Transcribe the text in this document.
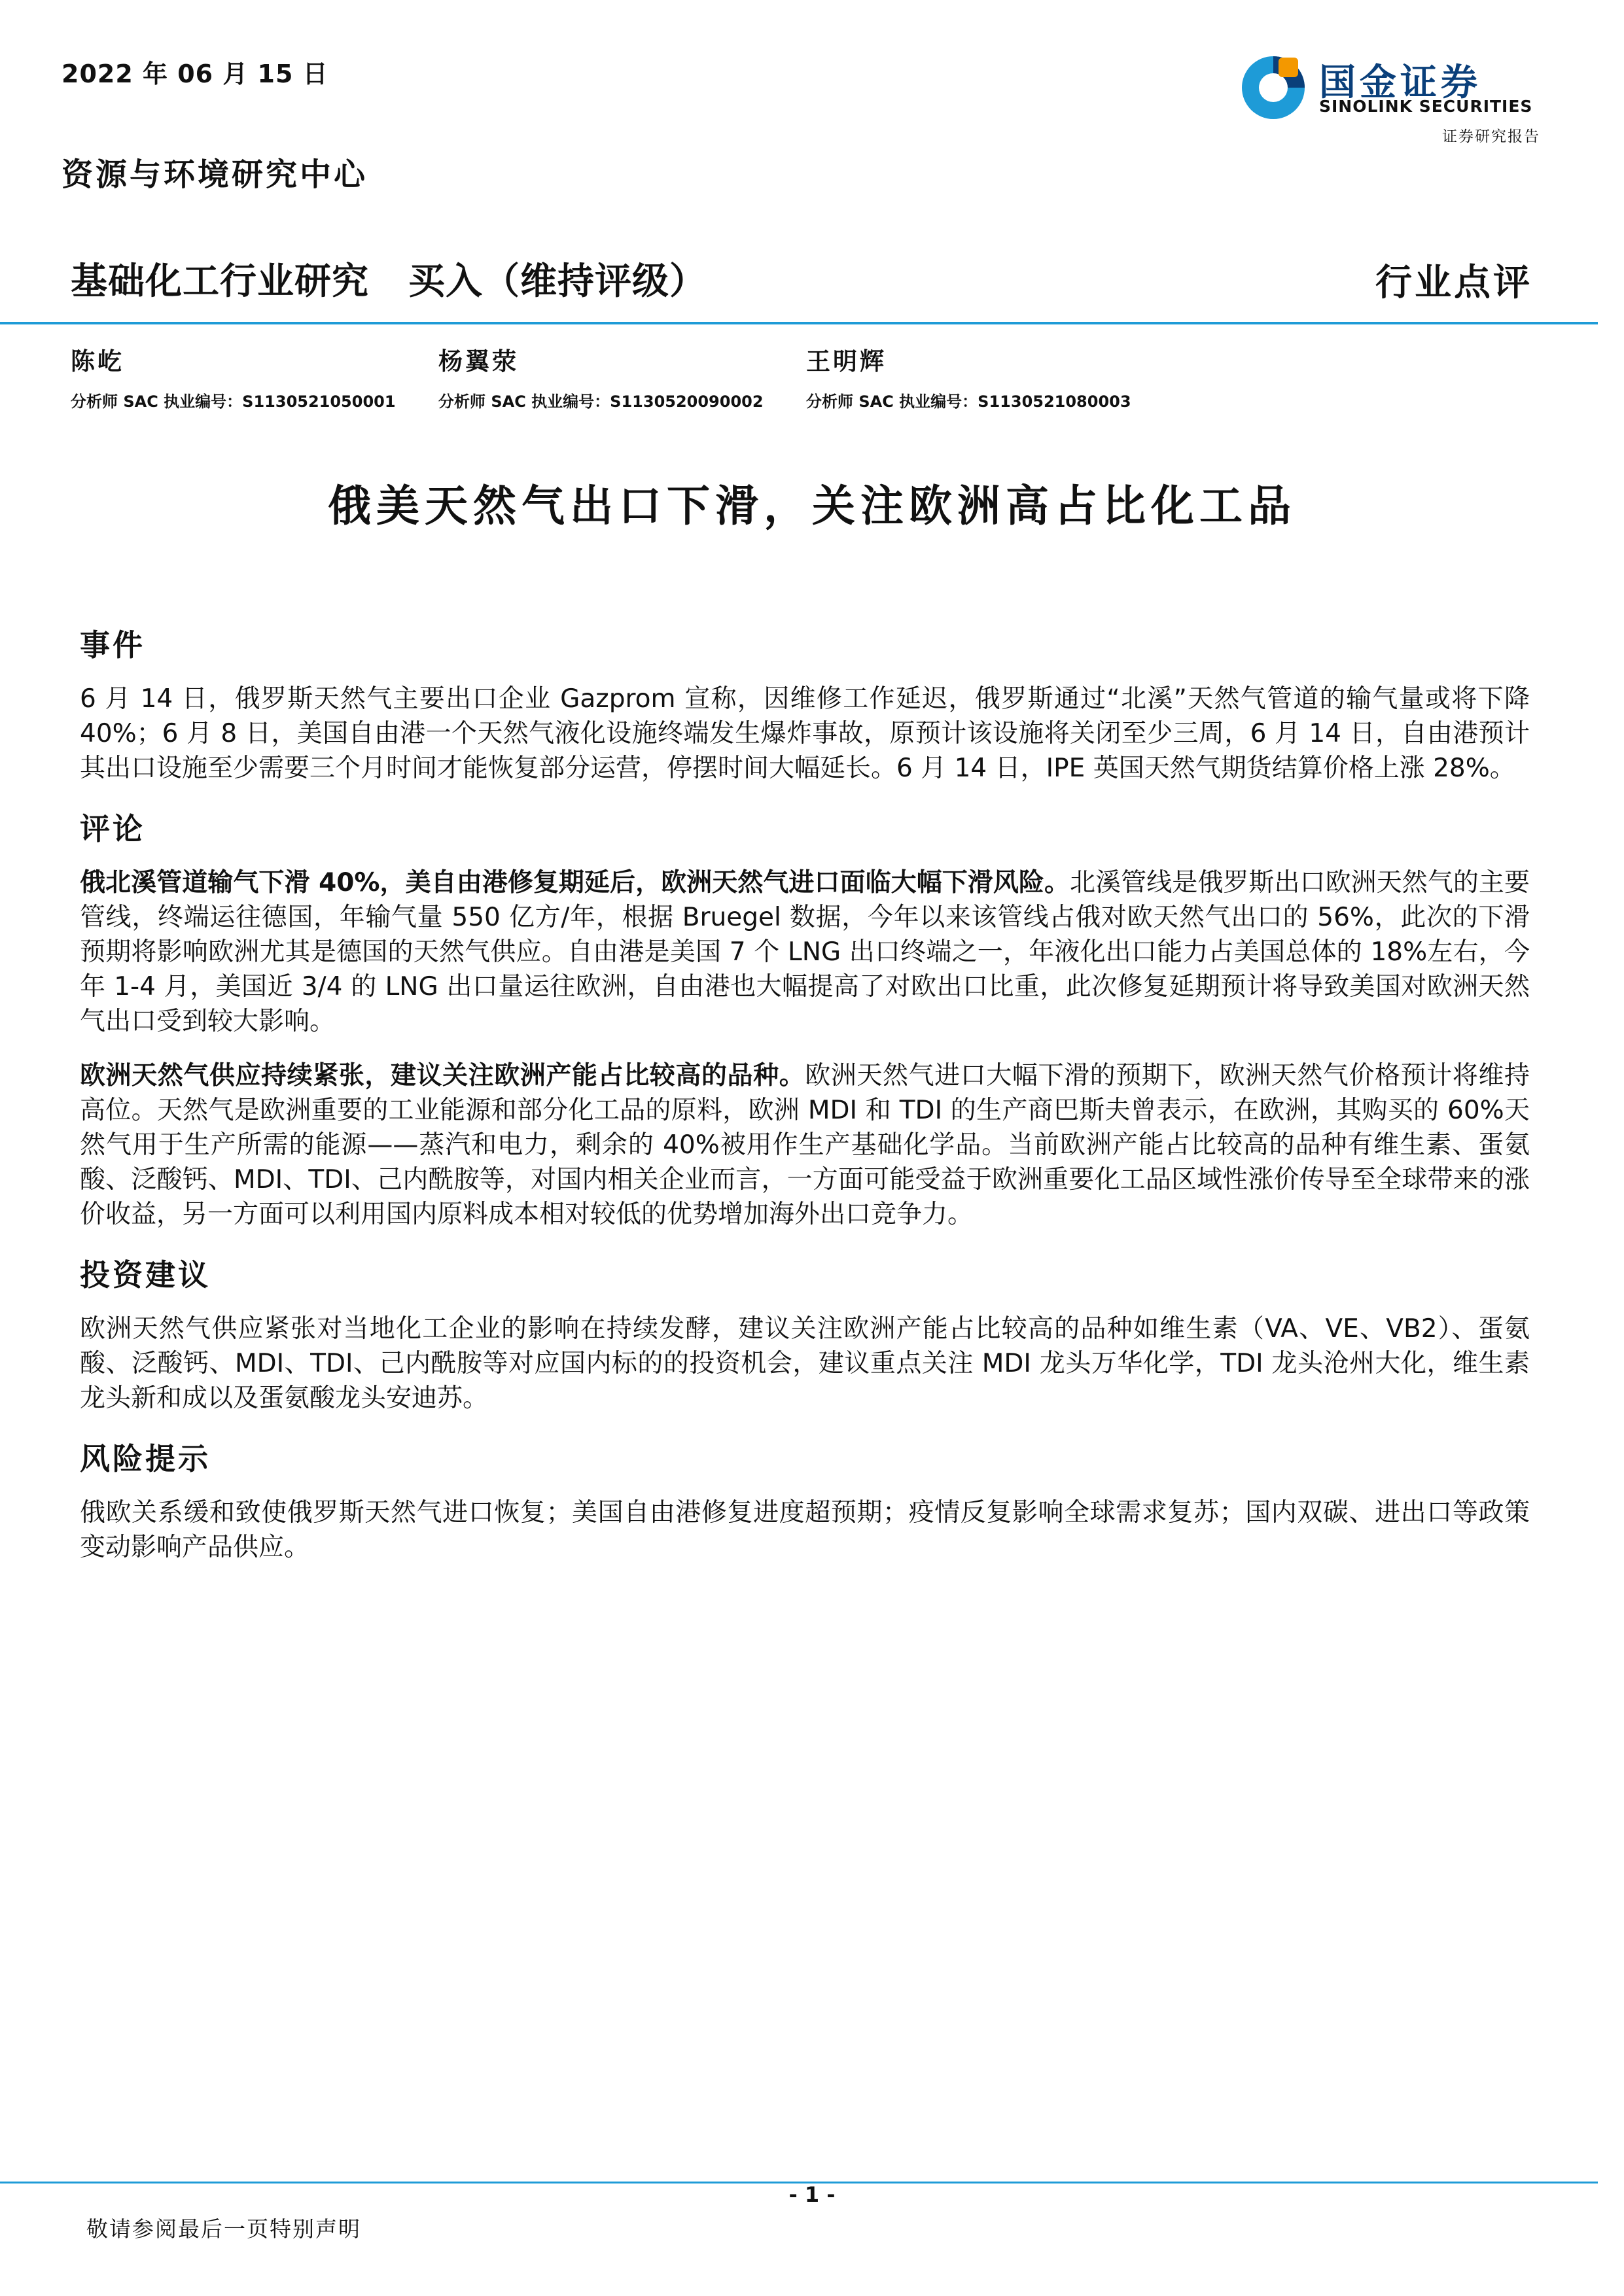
2022 年 06 月 15 日
资源与环境研究中心
国金证券
SINOLINK SECURITIES
证券研究报告
基础化工行业研究 买入（维持评级）	行业点评
陈屹
分析师 SAC 执业编号：S1130521050001
杨翼荥
分析师 SAC 执业编号：S1130520090002
王明辉
分析师 SAC 执业编号：S1130521080003
俄美天然气出口下滑，关注欧洲高占比化工品
事件

6 月 14 日，俄罗斯天然气主要出口企业 Gazprom 宣称，因维修工作延迟，俄罗斯通过“北溪”天然气管道的输气量或将下降 40%；6 月 8 日，美国自由港一个天然气液化设施终端发生爆炸事故，原预计该设施将关闭至少三周，6 月 14 日，自由港预计其出口设施至少需要三个月时间才能恢复部分运营，停摆时间大幅延长。6 月 14 日，IPE 英国天然气期货结算价格上涨 28%。

评论

俄北溪管道输气下滑 40%，美自由港修复期延后，欧洲天然气进口面临大幅下滑风险。北溪管线是俄罗斯出口欧洲天然气的主要管线，终端运往德国，年输气量 550 亿方/年，根据 Bruegel 数据，今年以来该管线占俄对欧天然气出口的 56%，此次的下滑预期将影响欧洲尤其是德国的天然气供应。自由港是美国 7 个 LNG 出口终端之一，年液化出口能力占美国总体的 18%左右，今年 1-4 月，美国近 3/4 的 LNG 出口量运往欧洲，自由港也大幅提高了对欧出口比重，此次修复延期预计将导致美国对欧洲天然气出口受到较大影响。

欧洲天然气供应持续紧张，建议关注欧洲产能占比较高的品种。欧洲天然气进口大幅下滑的预期下，欧洲天然气价格预计将维持高位。天然气是欧洲重要的工业能源和部分化工品的原料，欧洲 MDI 和 TDI 的生产商巴斯夫曾表示，在欧洲，其购买的 60%天然气用于生产所需的能源——蒸汽和电力，剩余的 40%被用作生产基础化学品。当前欧洲产能占比较高的品种有维生素、蛋氨酸、泛酸钙、MDI、TDI、己内酰胺等，对国内相关企业而言，一方面可能受益于欧洲重要化工品区域性涨价传导至全球带来的涨价收益，另一方面可以利用国内原料成本相对较低的优势增加海外出口竞争力。

投资建议

欧洲天然气供应紧张对当地化工企业的影响在持续发酵，建议关注欧洲产能占比较高的品种如维生素（VA、VE、VB2）、蛋氨酸、泛酸钙、MDI、TDI、己内酰胺等对应国内标的的投资机会，建议重点关注 MDI 龙头万华化学，TDI 龙头沧州大化，维生素龙头新和成以及蛋氨酸龙头安迪苏。

风险提示

俄欧关系缓和致使俄罗斯天然气进口恢复；美国自由港修复进度超预期；疫情反复影响全球需求复苏；国内双碳、进出口等政策变动影响产品供应。

- 1 -
敬请参阅最后一页特别声明
